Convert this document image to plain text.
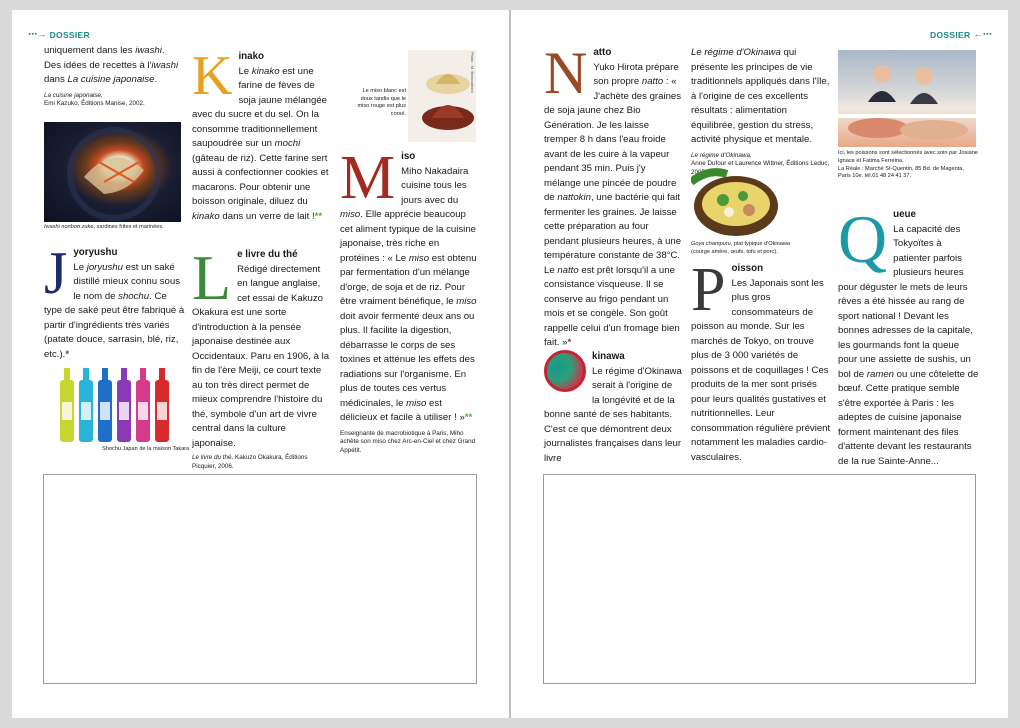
⋯→ DOSSIER

uniquement dans les iwashi. Des idées de recettes à l'iwashi dans La cuisine japonaise.

La cuisine japonaise,
Emi Kazuko, Éditions Manise, 2002.
Iwashi nonbon zuke, sardines frites et marinées.
J yoryushu

Le joryushu est un saké distillé mieux connu sous le nom de shochu. Ce type de saké peut être fabriqué à partir d'ingrédients très variés (patate douce, sarrasin, blé, riz, etc.).*

Shochu Japan de la maison Takara
K inako

Le kinako est une farine de fèves de soja jaune mélangée avec du sucre et du sel. On la consomme traditionnellement saupoudrée sur un mochi (gâteau de riz). Cette farine sert aussi à confectionner cookies et macarons. Pour obtenir une boisson originale, diluez du kinako dans un verre de lait !**

L e livre du thé

Rédigé directement en langue anglaise, cet essai de Kakuzo Okakura est une sorte d'introduction à la pensée japonaise destinée aux Occidentaux. Paru en 1906, à la fin de l'ère Meiji, ce court texte au ton très direct permet de mieux comprendre l'histoire du thé, symbole d'un art de vivre central dans la culture japonaise.

Le livre du thé, Kakuzo Okakura, Éditions Picquier, 2006.
Le miso blanc est doux tandis que le miso rouge est plus corsé.
Photo : M. Brancaleoni
M iso

Miho Nakadaira cuisine tous les jours avec du miso. Elle apprécie beaucoup cet aliment typique de la cuisine japonaise, très riche en protéines : « Le miso est obtenu par fermentation d'un mélange d'orge, de soja et de riz. Pour être vraiment bénéfique, le miso doit avoir fermenté deux ans ou plus. Il facilite la digestion, débarrasse le corps de ses toxines et atténue les effets des radiations sur l'organisme. En plus de toutes ces vertus médicinales, le miso est délicieux et facile à utiliser ! »**

Enseignante de macrobiotique à Paris, Miho achète son miso chez Arc-en-Ciel et chez Grand Appétit.
DOSSIER ←⋯
N atto

Yuko Hirota prépare son propre natto : « J'achète des graines de soja jaune chez Bio Génération. Je les laisse tremper 8 h dans l'eau froide avant de les cuire à la vapeur pendant 35 min. Puis j'y mélange une pincée de poudre de nattokin, une bactérie qui fait fermenter les graines. Je laisse cette préparation au four pendant plusieurs heures, à une température constante de 38°C. Le natto est prêt lorsqu'il a une consistance visqueuse. Il se conserve au frigo pendant un mois et se congèle. Son goût rappelle celui d'un fromage bien fait. »*

kinawa

Le régime d'Okinawa serait à l'origine de la longévité et de la bonne santé de ses habitants. C'est ce que démontrent deux journalistes françaises dans leur livre

Le régime d'Okinawa qui présente les principes de vie traditionnels appliqués dans l'île, à l'origine de ces excellents résultats : alimentation équilibrée, gestion du stress, activité physique et mentale.

Le régime d'Okinawa,
Anne Dufour et Laurence Wittner, Éditions Leduc, 2005.
Goya champuru, plat typique d'Okinawa (courge amère, œufs, tofu et porc).
P oisson

Les Japonais sont les plus gros consommateurs de poisson au monde. Sur les marchés de Tokyo, on trouve plus de 3 000 variétés de poissons et de coquillages ! Ces produits de la mer sont prisés pour leurs qualités gustatives et nutritionnelles. Leur consommation régulière prévient notamment les maladies cardio-vasculaires.

Ici, les poissons sont sélectionnés avec soin par Josiane Ignace et Fatima Ferreina.
La Réale : Marché St-Quentin, 85 Bd. de Magenta, Paris 10e. tél.01 48 24 41 37.
Q ueue

La capacité des Tokyoïtes à patienter parfois plusieurs heures pour déguster le mets de leurs rêves a été hissée au rang de sport national ! Devant les bonnes adresses de la capitale, les gourmands font la queue pour une assiette de sushis, un bol de ramen ou une côtelette de bœuf. Cette pratique semble s'être exportée à Paris : les adeptes de cuisine japonaise forment maintenant des files d'attente devant les restaurants de la rue Sainte-Anne...
